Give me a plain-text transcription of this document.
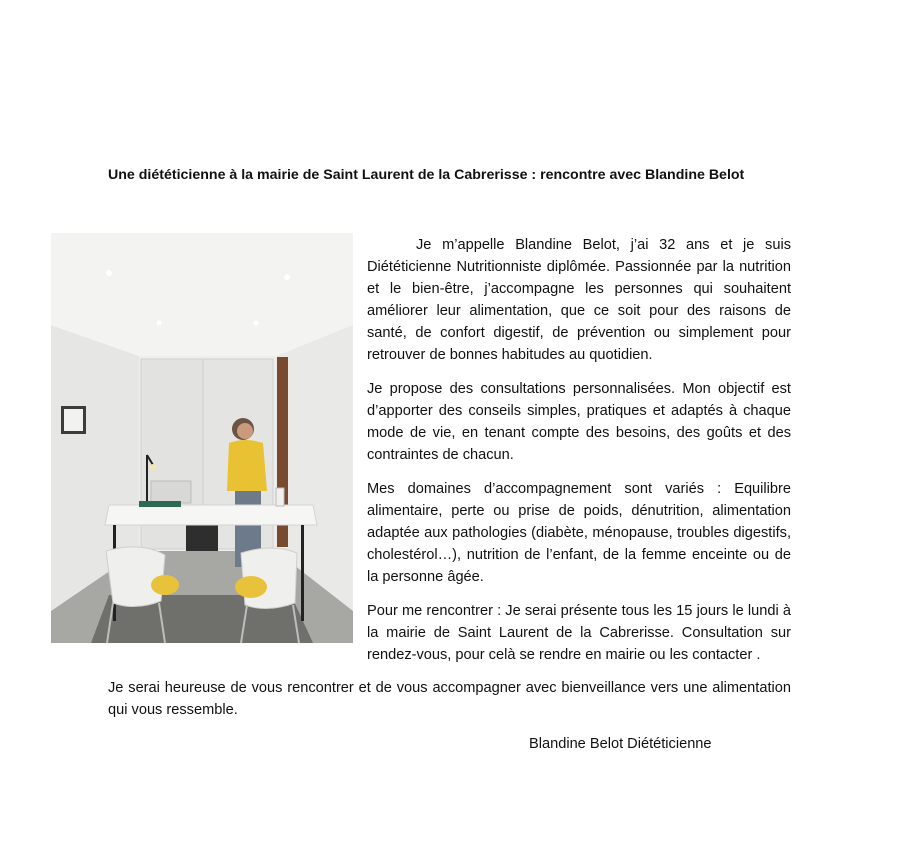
Une diététicienne à la mairie de Saint Laurent de la Cabrerisse : rencontre avec Blandine Belot

Je m’appelle Blandine Belot, j’ai 32 ans et je suis Diététicienne Nutritionniste diplômée. Passionnée par la nutrition et le bien-être, j’accompagne les personnes qui souhaitent améliorer leur alimentation, que ce soit pour des raisons de santé, de confort digestif, de prévention ou simplement pour retrouver de bonnes habitudes au quotidien.

Je propose des consultations personnalisées. Mon objectif est d’apporter des conseils simples, pratiques et adaptés à chaque mode de vie, en tenant compte des besoins, des goûts et des contraintes de chacun.

Mes domaines d’accompagnement sont variés : Equilibre alimentaire, perte ou prise de poids, dénutrition, alimentation adaptée aux pathologies (diabète, ménopause, troubles digestifs, cholestérol…), nutrition de l’enfant, de la femme enceinte ou de la personne âgée.

Pour me rencontrer : Je serai présente tous les 15 jours le lundi à la mairie de Saint Laurent de la Cabrerisse. Consultation sur rendez-vous, pour celà se rendre en mairie ou les contacter .

Je serai heureuse de vous rencontrer et de vous accompagner avec bienveillance vers une alimentation qui vous ressemble.

Blandine Belot Diététicienne
